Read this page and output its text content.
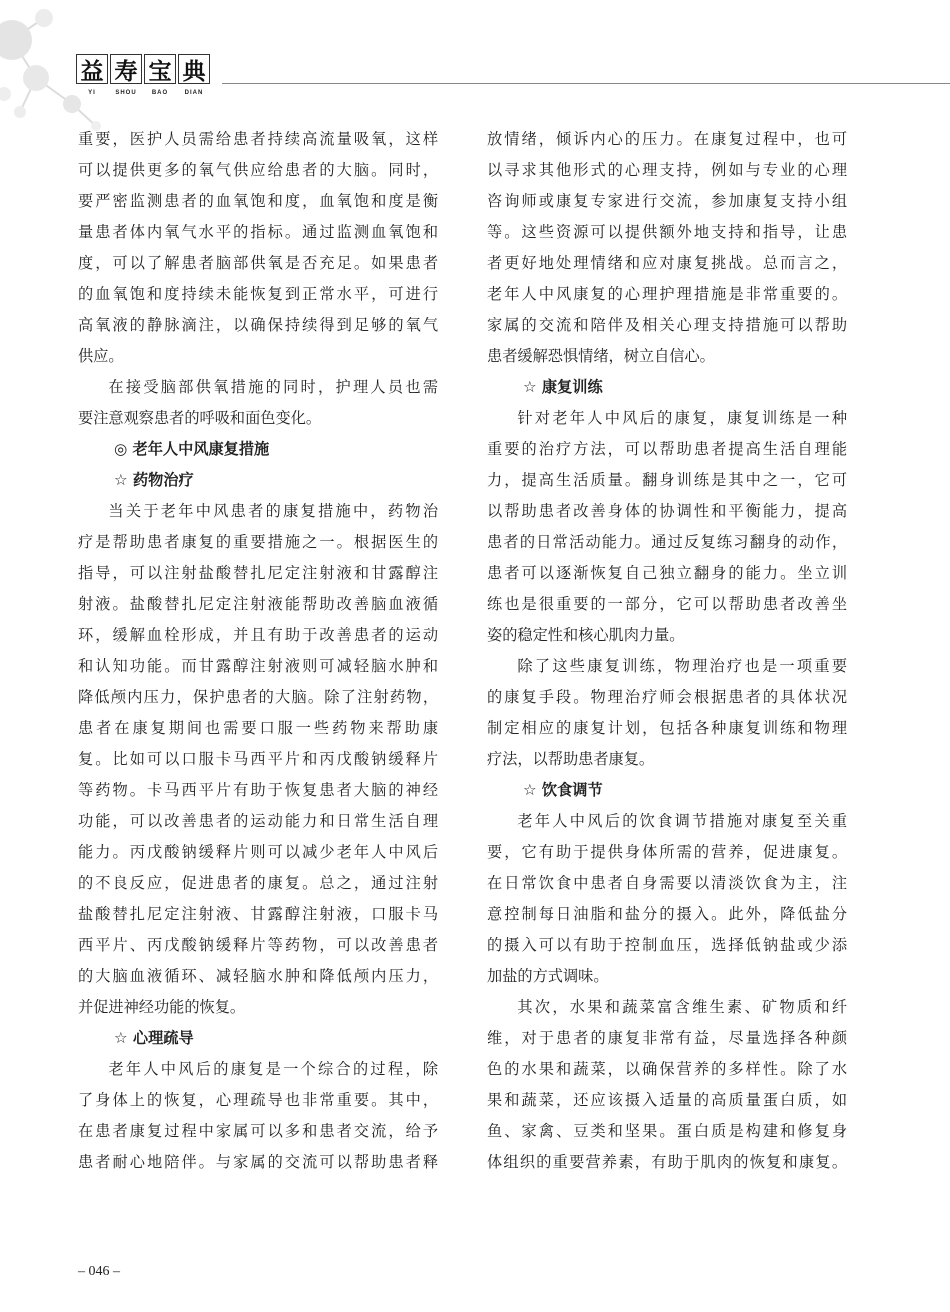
益 寿 宝 典
YI	SHOU	BAO	DIAN
重要，医护人员需给患者持续高流量吸氧，这样
可以提供更多的氧气供应给患者的大脑。同时，
要严密监测患者的血氧饱和度，血氧饱和度是衡
量患者体内氧气水平的指标。通过监测血氧饱和
度，可以了解患者脑部供氧是否充足。如果患者
的血氧饱和度持续未能恢复到正常水平，可进行
高氧液的静脉滴注，以确保持续得到足够的氧气
供应。
在接受脑部供氧措施的同时，护理人员也需
要注意观察患者的呼吸和面色变化。
◎ 老年人中风康复措施
☆ 药物治疗
当关于老年中风患者的康复措施中，药物治
疗是帮助患者康复的重要措施之一。根据医生的
指导，可以注射盐酸替扎尼定注射液和甘露醇注
射液。盐酸替扎尼定注射液能帮助改善脑血液循
环，缓解血栓形成，并且有助于改善患者的运动
和认知功能。而甘露醇注射液则可减轻脑水肿和
降低颅内压力，保护患者的大脑。除了注射药物，
患者在康复期间也需要口服一些药物来帮助康
复。比如可以口服卡马西平片和丙戊酸钠缓释片
等药物。卡马西平片有助于恢复患者大脑的神经
功能，可以改善患者的运动能力和日常生活自理
能力。丙戊酸钠缓释片则可以减少老年人中风后
的不良反应，促进患者的康复。总之，通过注射
盐酸替扎尼定注射液、甘露醇注射液，口服卡马
西平片、丙戊酸钠缓释片等药物，可以改善患者
的大脑血液循环、减轻脑水肿和降低颅内压力，
并促进神经功能的恢复。
☆ 心理疏导
老年人中风后的康复是一个综合的过程，除
了身体上的恢复，心理疏导也非常重要。其中，
在患者康复过程中家属可以多和患者交流，给予
患者耐心地陪伴。与家属的交流可以帮助患者释
放情绪，倾诉内心的压力。在康复过程中，也可
以寻求其他形式的心理支持，例如与专业的心理
咨询师或康复专家进行交流，参加康复支持小组
等。这些资源可以提供额外地支持和指导，让患
者更好地处理情绪和应对康复挑战。总而言之，
老年人中风康复的心理护理措施是非常重要的。
家属的交流和陪伴及相关心理支持措施可以帮助
患者缓解恐惧情绪，树立自信心。
☆ 康复训练
针对老年人中风后的康复，康复训练是一种
重要的治疗方法，可以帮助患者提高生活自理能
力，提高生活质量。翻身训练是其中之一，它可
以帮助患者改善身体的协调性和平衡能力，提高
患者的日常活动能力。通过反复练习翻身的动作，
患者可以逐渐恢复自己独立翻身的能力。坐立训
练也是很重要的一部分，它可以帮助患者改善坐
姿的稳定性和核心肌肉力量。
除了这些康复训练，物理治疗也是一项重要
的康复手段。物理治疗师会根据患者的具体状况
制定相应的康复计划，包括各种康复训练和物理
疗法，以帮助患者康复。
☆ 饮食调节
老年人中风后的饮食调节措施对康复至关重
要，它有助于提供身体所需的营养，促进康复。
在日常饮食中患者自身需要以清淡饮食为主，注
意控制每日油脂和盐分的摄入。此外，降低盐分
的摄入可以有助于控制血压，选择低钠盐或少添
加盐的方式调味。
其次，水果和蔬菜富含维生素、矿物质和纤
维，对于患者的康复非常有益，尽量选择各种颜
色的水果和蔬菜，以确保营养的多样性。除了水
果和蔬菜，还应该摄入适量的高质量蛋白质，如
鱼、家禽、豆类和坚果。蛋白质是构建和修复身
体组织的重要营养素，有助于肌肉的恢复和康复。
– 046 –
